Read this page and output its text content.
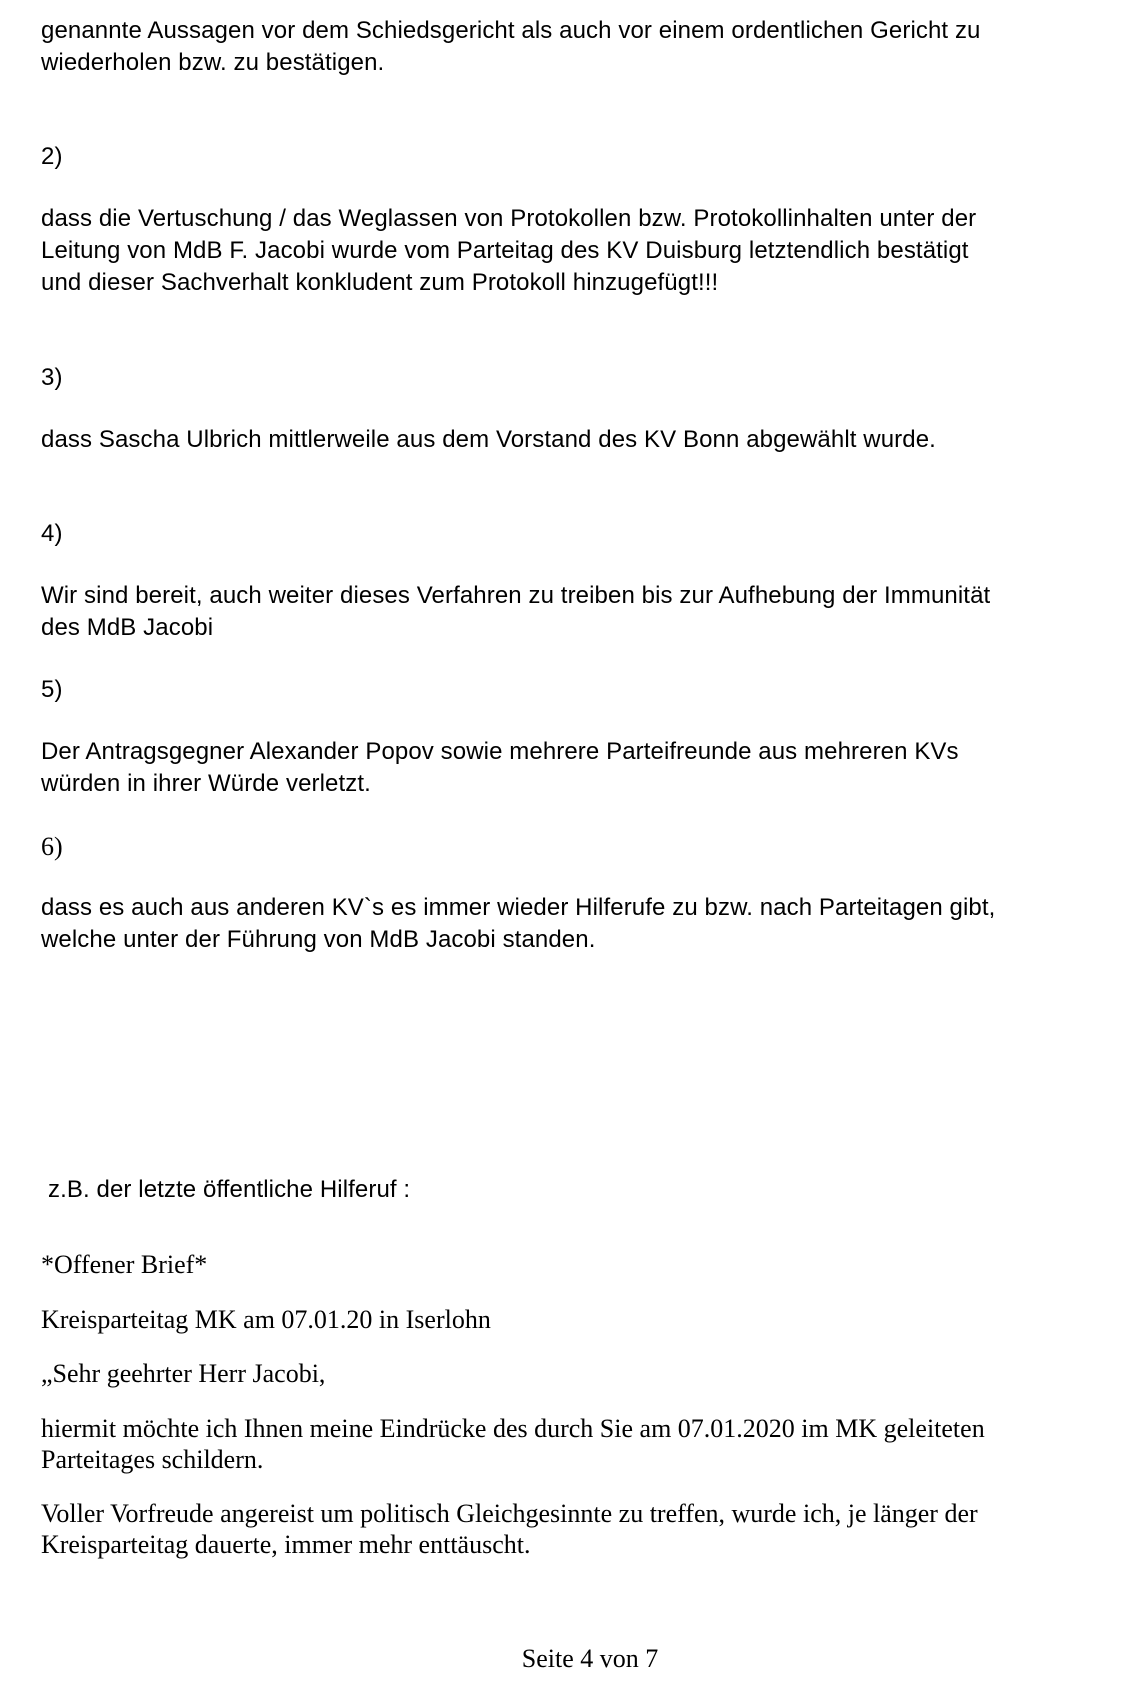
genannte Aussagen vor dem Schiedsgericht als auch vor einem ordentlichen Gericht zu
wiederholen bzw. zu bestätigen.

2)

dass die Vertuschung / das Weglassen von Protokollen bzw. Protokollinhalten unter der
Leitung von MdB F. Jacobi wurde vom Parteitag des KV Duisburg letztendlich bestätigt
und dieser Sachverhalt konkludent zum Protokoll hinzugefügt!!!

3)

dass Sascha Ulbrich mittlerweile aus dem Vorstand des KV Bonn abgewählt wurde.

4)

Wir sind bereit, auch weiter dieses Verfahren zu treiben bis zur Aufhebung der Immunität
des MdB Jacobi

5)

Der Antragsgegner Alexander Popov sowie mehrere Parteifreunde aus mehreren KVs
würden in ihrer Würde verletzt.

6)

dass es auch aus anderen KV`s es immer wieder Hilferufe zu bzw. nach Parteitagen gibt,
welche unter der Führung von MdB Jacobi standen.

z.B. der letzte öffentliche Hilferuf :

*Offener Brief*

Kreisparteitag MK am 07.01.20 in Iserlohn

„Sehr geehrter Herr Jacobi,

hiermit möchte ich Ihnen meine Eindrücke des durch Sie am 07.01.2020 im MK geleiteten
Parteitages schildern.

Voller Vorfreude angereist um politisch Gleichgesinnte zu treffen, wurde ich, je länger der
Kreisparteitag dauerte, immer mehr enttäuscht.

Seite 4 von 7
